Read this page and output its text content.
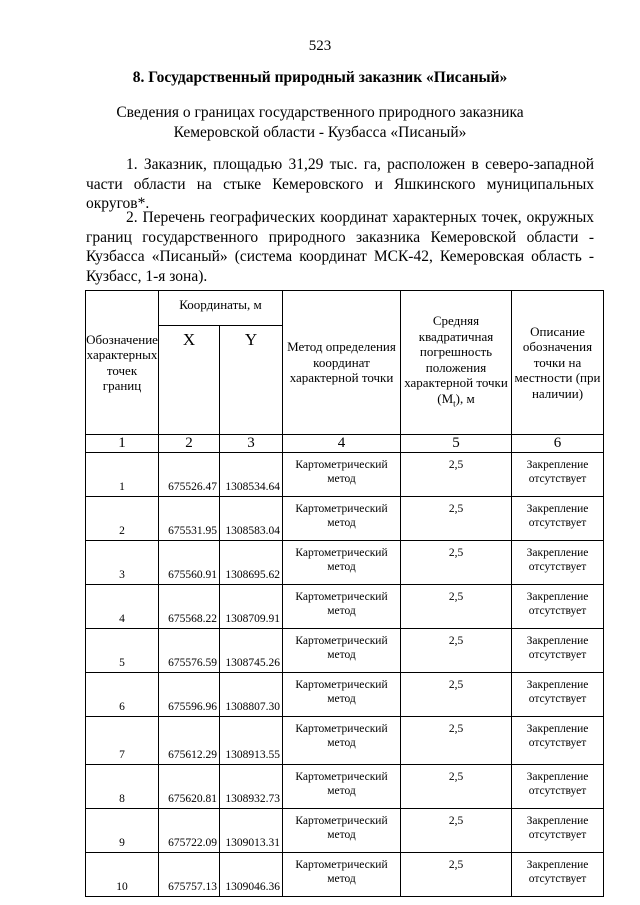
523
8. Государственный природный заказник «Писаный»
Сведения о границах государственного природного заказника
Кемеровской области - Кузбасса «Писаный»
1. Заказник, площадью 31,29 тыс. га, расположен в северо-западной части области на стыке Кемеровского и Яшкинского муниципальных округов*.
2. Перечень географических координат характерных точек, окружных границ государственного природного заказника Кемеровской области - Кузбасса «Писаный» (система координат МСК-42, Кемеровская область - Кузбасс, 1-я зона).
Обозначение характерных точек границ	Координаты, м		Метод определения координат характерной точки	Средняя квадратичная погрешность положения характерной точки $(M_t)$, м	Описание обозначения точки на местности (при наличии)
	X	Y			
1	2	3	4	5	6
1	675526.47	1308534.64	Картометрический метод	2,5	Закрепление отсутствует
2	675531.95	1308583.04	Картометрический метод	2,5	Закрепление отсутствует
3	675560.91	1308695.62	Картометрический метод	2,5	Закрепление отсутствует
4	675568.22	1308709.91	Картометрический метод	2,5	Закрепление отсутствует
5	675576.59	1308745.26	Картометрический метод	2,5	Закрепление отсутствует
6	675596.96	1308807.30	Картометрический метод	2,5	Закрепление отсутствует
7	675612.29	1308913.55	Картометрический метод	2,5	Закрепление отсутствует
8	675620.81	1308932.73	Картометрический метод	2,5	Закрепление отсутствует
9	675722.09	1309013.31	Картометрический метод	2,5	Закрепление отсутствует
10	675757.13	1309046.36	Картометрический метод	2,5	Закрепление отсутствует
